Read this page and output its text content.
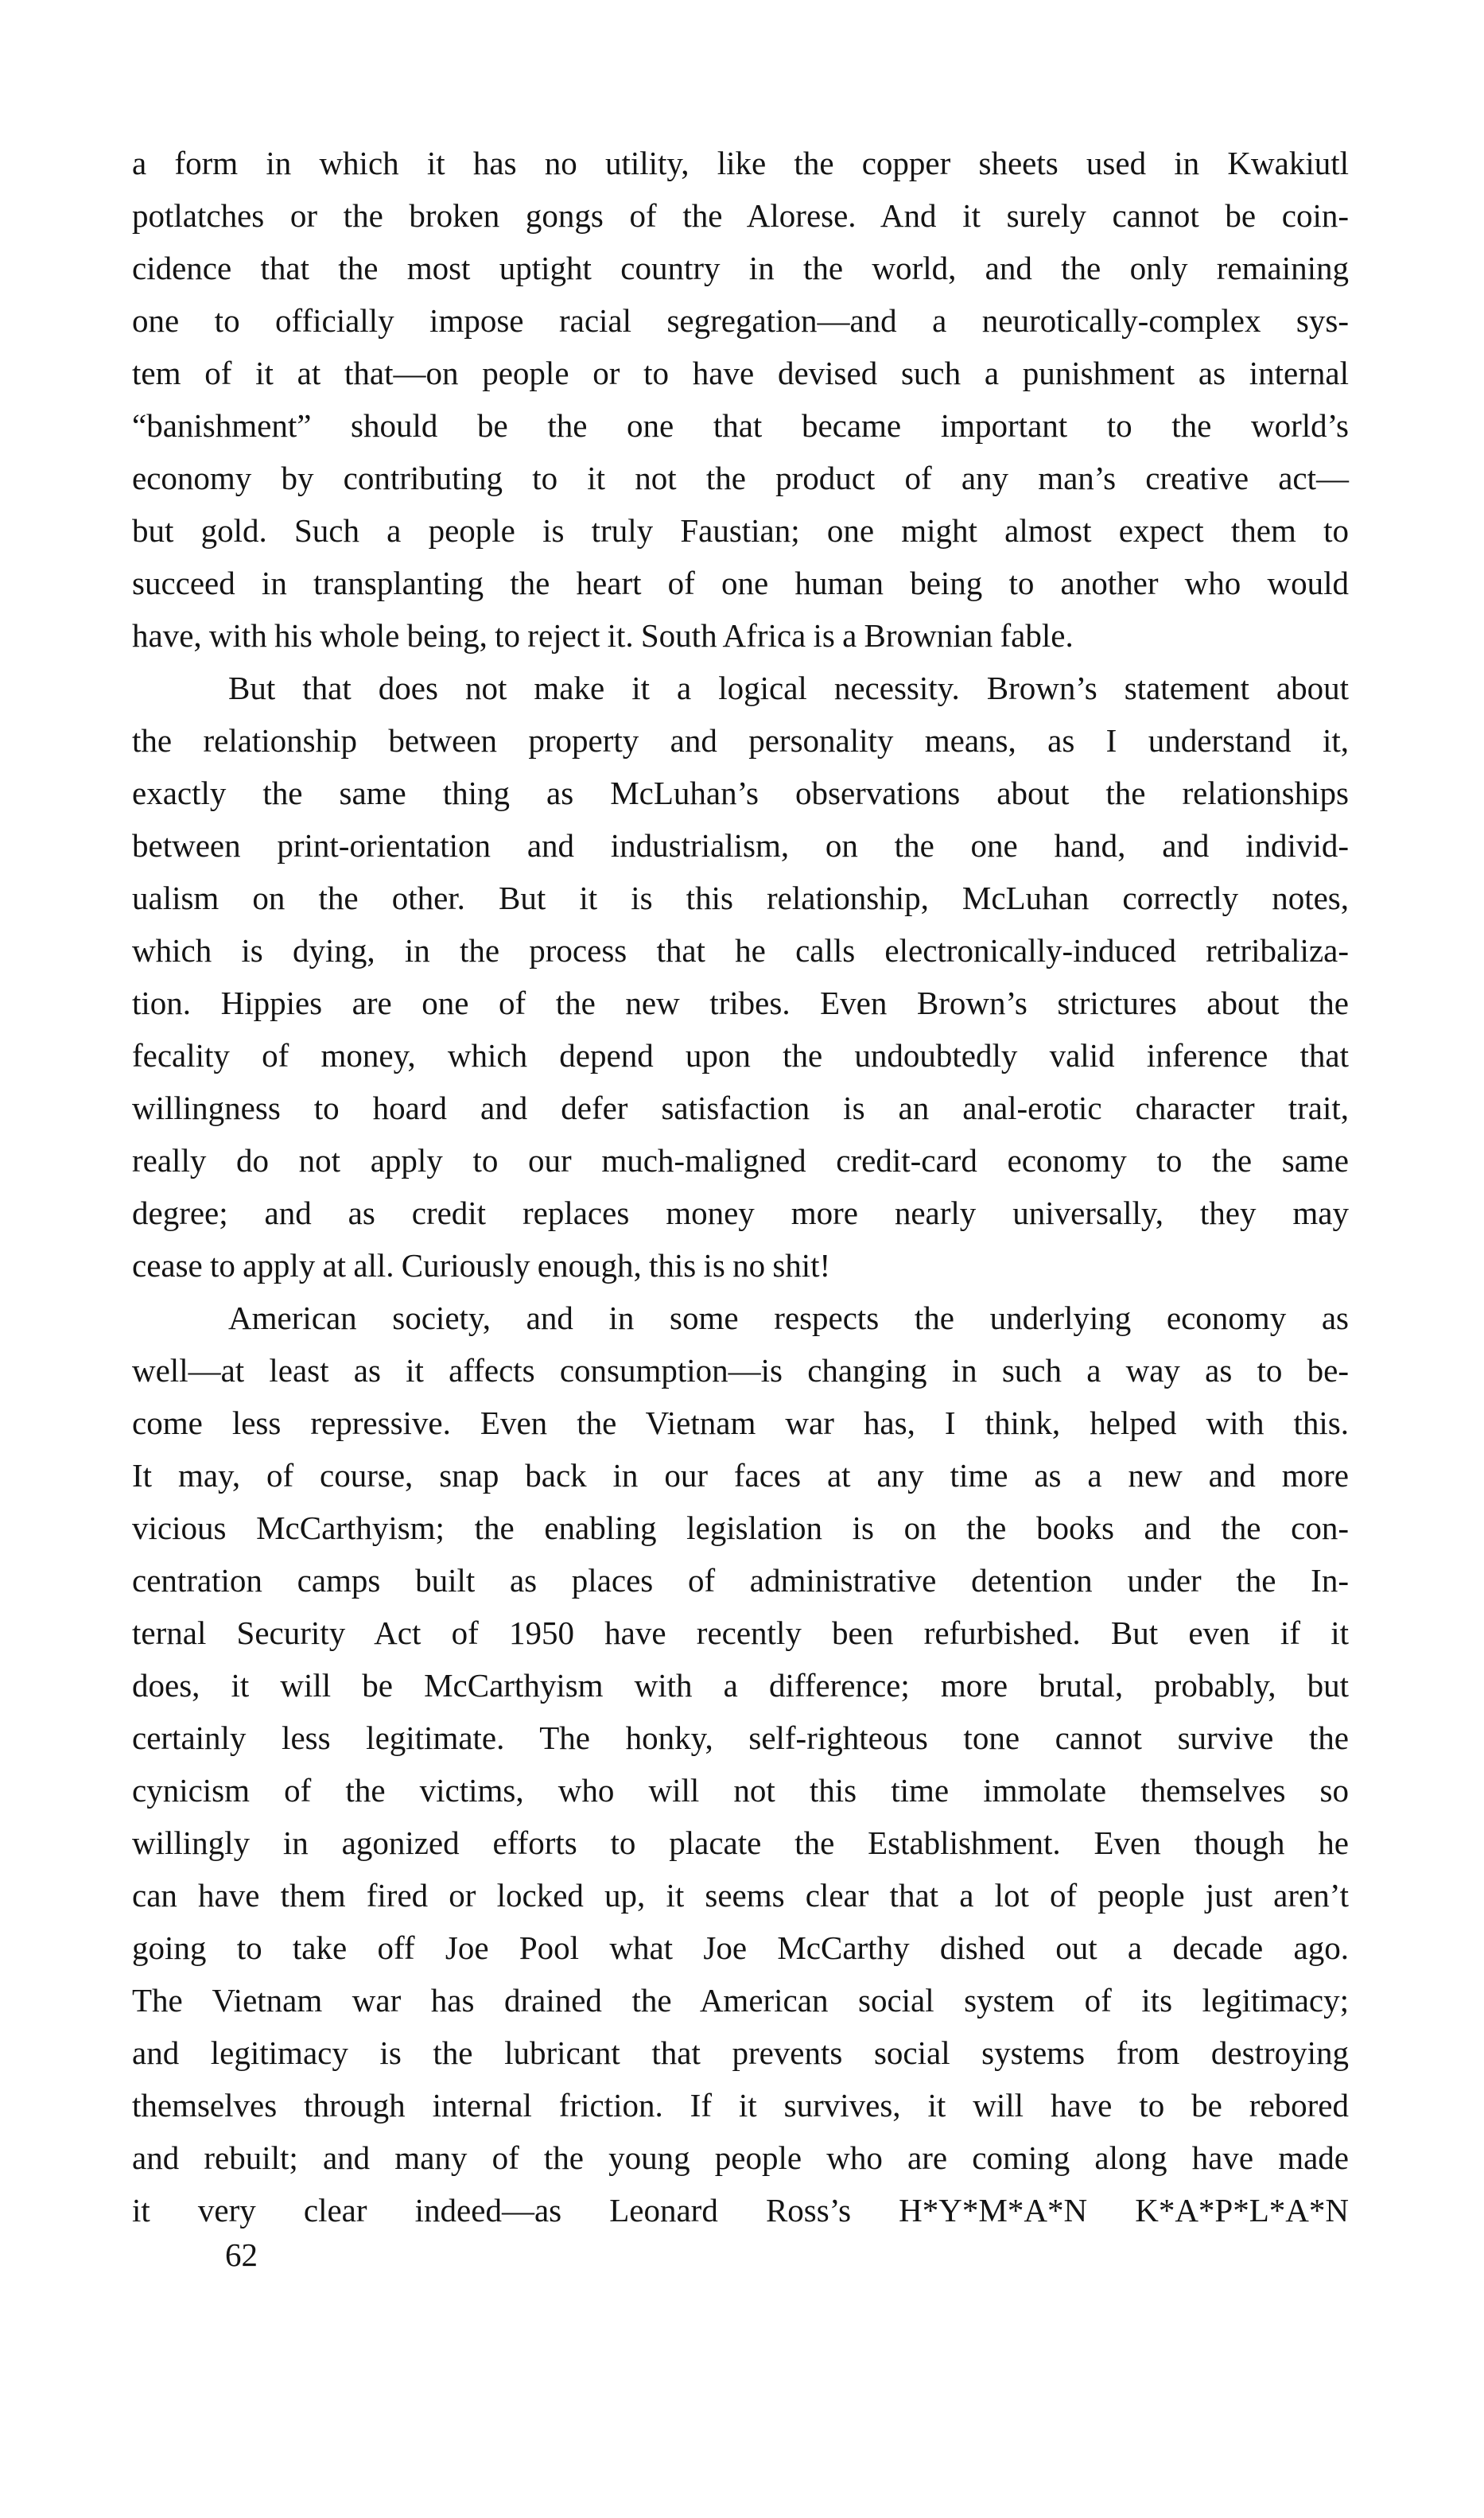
a form in which it has no utility, like the copper sheets used in Kwakiutl
potlatches or the broken gongs of the Alorese. And it surely cannot be coin-
cidence that the most uptight country in the world, and the only remaining
one to officially impose racial segregation—and a neurotically-complex sys-
tem of it at that—on people or to have devised such a punishment as internal
“banishment” should be the one that became important to the world’s
economy by contributing to it not the product of any man’s creative act—
but gold. Such a people is truly Faustian; one might almost expect them to
succeed in transplanting the heart of one human being to another who would
have, with his whole being, to reject it. South Africa is a Brownian fable.

But that does not make it a logical necessity. Brown’s statement about
the relationship between property and personality means, as I understand it,
exactly the same thing as McLuhan’s observations about the relationships
between print-orientation and industrialism, on the one hand, and individ-
ualism on the other. But it is this relationship, McLuhan correctly notes,
which is dying, in the process that he calls electronically-induced retribaliza-
tion. Hippies are one of the new tribes. Even Brown’s strictures about the
fecality of money, which depend upon the undoubtedly valid inference that
willingness to hoard and defer satisfaction is an anal-erotic character trait,
really do not apply to our much-maligned credit-card economy to the same
degree; and as credit replaces money more nearly universally, they may
cease to apply at all. Curiously enough, this is no shit!

American society, and in some respects the underlying economy as
well—at least as it affects consumption—is changing in such a way as to be-
come less repressive. Even the Vietnam war has, I think, helped with this.
It may, of course, snap back in our faces at any time as a new and more
vicious McCarthyism; the enabling legislation is on the books and the con-
centration camps built as places of administrative detention under the In-
ternal Security Act of 1950 have recently been refurbished. But even if it
does, it will be McCarthyism with a difference; more brutal, probably, but
certainly less legitimate. The honky, self-righteous tone cannot survive the
cynicism of the victims, who will not this time immolate themselves so
willingly in agonized efforts to placate the Establishment. Even though he
can have them fired or locked up, it seems clear that a lot of people just aren’t
going to take off Joe Pool what Joe McCarthy dished out a decade ago.
The Vietnam war has drained the American social system of its legitimacy;
and legitimacy is the lubricant that prevents social systems from destroying
themselves through internal friction. If it survives, it will have to be rebored
and rebuilt; and many of the young people who are coming along have made
it very clear indeed—as Leonard Ross’s H*Y*M*A*N K*A*P*L*A*N

62
